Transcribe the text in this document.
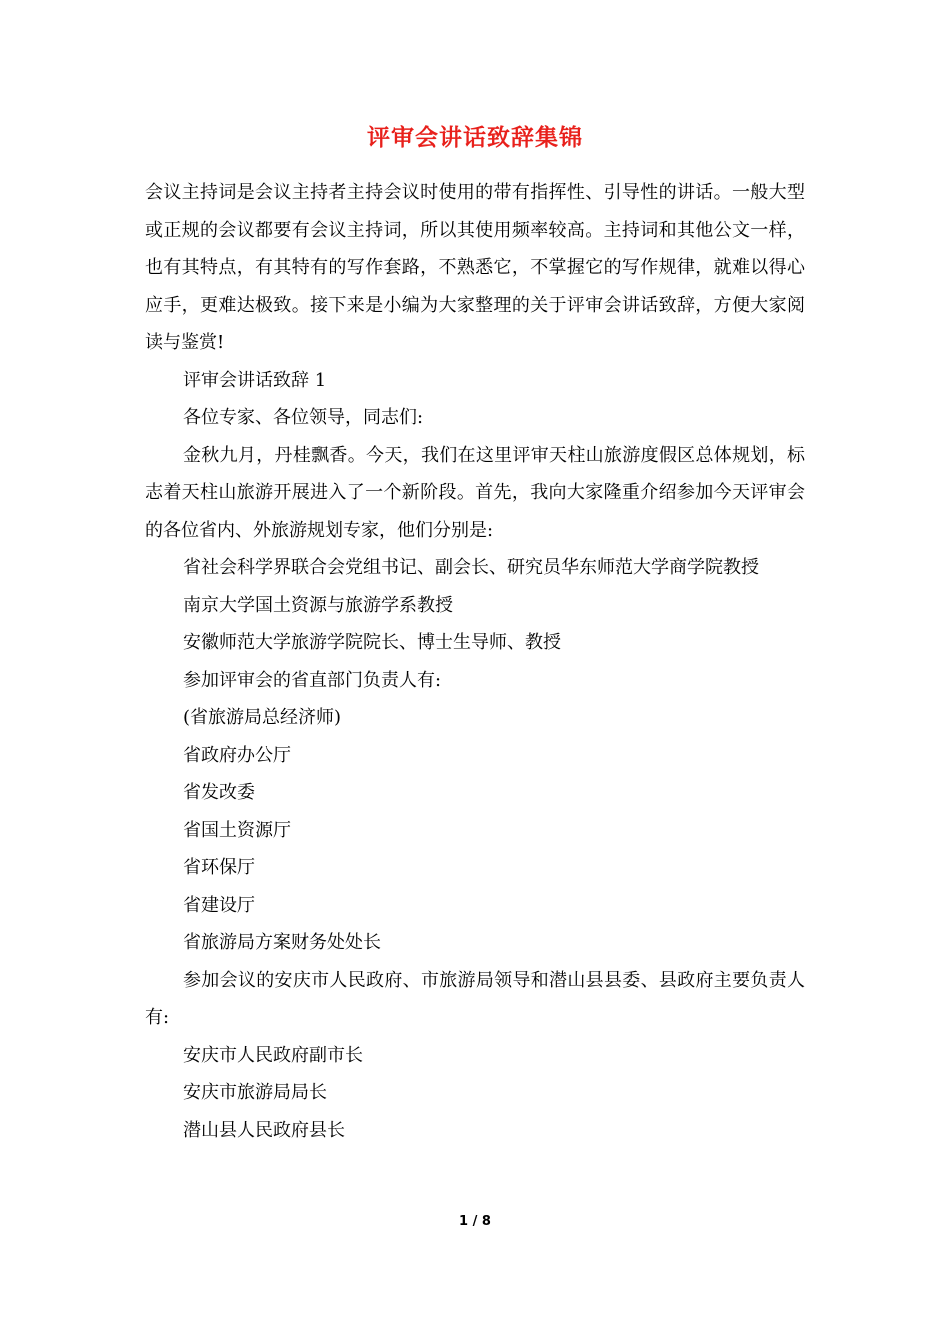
评审会讲话致辞集锦

会议主持词是会议主持者主持会议时使用的带有指挥性、引导性的讲话。一般大型或正规的会议都要有会议主持词，所以其使用频率较高。主持词和其他公文一样，也有其特点，有其特有的写作套路，不熟悉它，不掌握它的写作规律，就难以得心应手，更难达极致。接下来是小编为大家整理的关于评审会讲话致辞，方便大家阅读与鉴赏!

评审会讲话致辞 1

各位专家、各位领导，同志们:

金秋九月，丹桂飘香。今天，我们在这里评审天柱山旅游度假区总体规划，标志着天柱山旅游开展进入了一个新阶段。首先，我向大家隆重介绍参加今天评审会的各位省内、外旅游规划专家，他们分别是:

省社会科学界联合会党组书记、副会长、研究员华东师范大学商学院教授

南京大学国土资源与旅游学系教授

安徽师范大学旅游学院院长、博士生导师、教授

参加评审会的省直部门负责人有:

(省旅游局总经济师)

省政府办公厅

省发改委

省国土资源厅

省环保厅

省建设厅

省旅游局方案财务处处长

参加会议的安庆市人民政府、市旅游局领导和潜山县县委、县政府主要负责人有:

安庆市人民政府副市长

安庆市旅游局局长

潜山县人民政府县长

1 / 8
